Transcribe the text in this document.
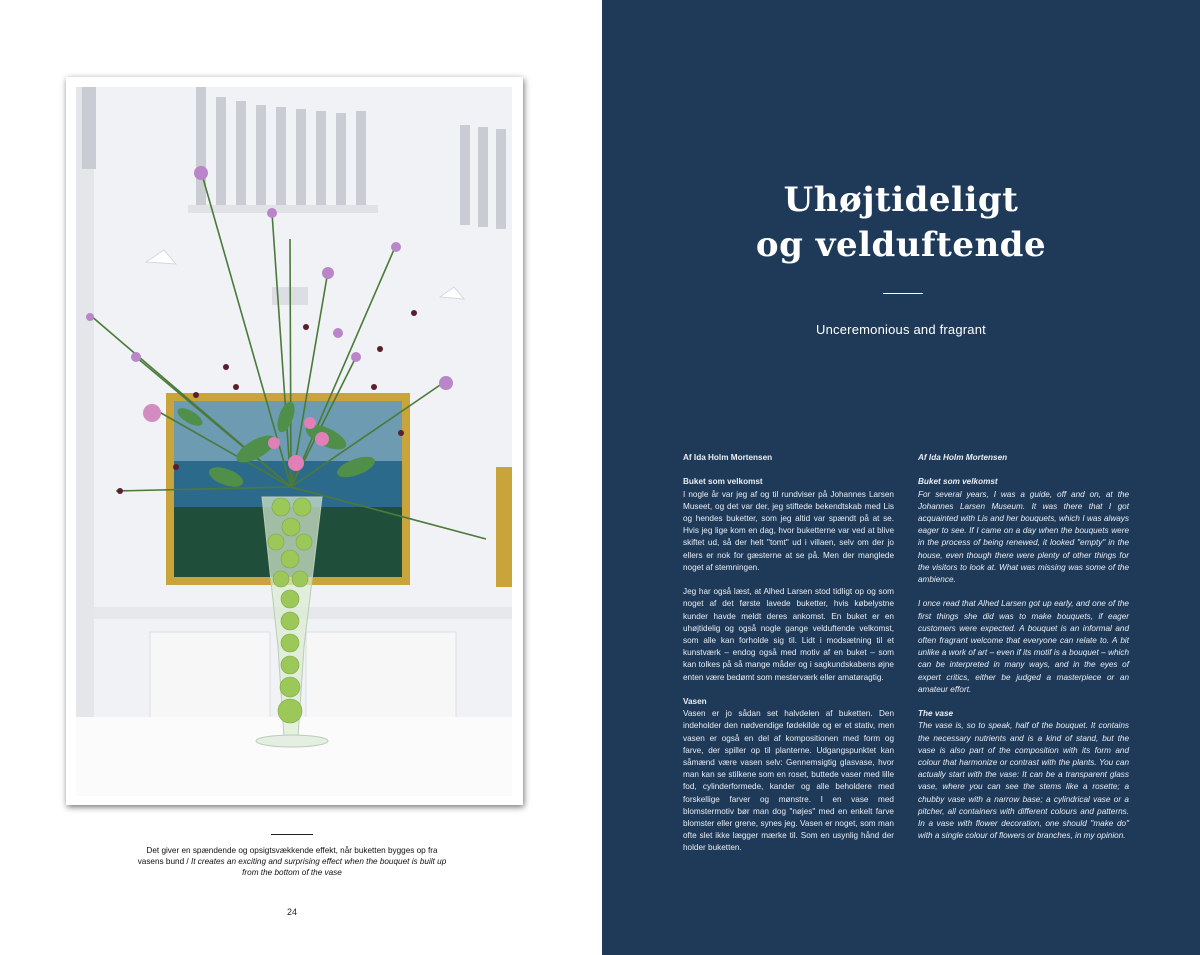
Det giver en spændende og opsigtsvækkende effekt, når buketten bygges op fra vasens bund / It creates an exciting and surprising effect when the bouquet is built up from the bottom of the vase
24
Uhøjtideligt
og velduftende
Unceremonious and fragrant

Af Ida Holm Mortensen

Buket som velkomst

I nogle år var jeg af og til rundviser på Johannes Larsen Museet, og det var der, jeg stiftede bekendtskab med Lis og hendes buketter, som jeg altid var spændt på at se. Hvis jeg lige kom en dag, hvor buketterne var ved at blive skiftet ud, så der helt "tomt" ud i villaen, selv om der jo ellers er nok for gæsterne at se på. Men der manglede noget af stemningen.

Jeg har også læst, at Alhed Larsen stod tidligt op og som noget af det første lavede buketter, hvis købelystne kunder havde meldt deres ankomst. En buket er en uhøjtidelig og også nogle gange velduftende velkomst, som alle kan forholde sig til. Lidt i modsætning til et kunstværk – endog også med motiv af en buket – som kan tolkes på så mange måder og i sagkundskabens øjne enten være bedømt som mesterværk eller amatøragtig.

Vasen

Vasen er jo sådan set halvdelen af buketten. Den indeholder den nødvendige fødekilde og er et stativ, men vasen er også en del af kompositionen med form og farve, der spiller op til planterne. Udgangspunktet kan såmænd være vasen selv: Gennemsigtig glasvase, hvor man kan se stilkene som en roset, buttede vaser med lille fod, cylinderformede, kander og alle beholdere med forskellige farver og mønstre. I en vase med blomstermotiv bør man dog "nøjes" med en enkelt farve blomster eller grene, synes jeg. Vasen er noget, som man ofte slet ikke lægger mærke til. Som en usynlig hånd der holder buketten.

Af Ida Holm Mortensen

Buket som velkomst

For several years, I was a guide, off and on, at the Johannes Larsen Museum. It was there that I got acquainted with Lis and her bouquets, which I was always eager to see. If I came on a day when the bouquets were in the process of being renewed, it looked "empty" in the house, even though there were plenty of other things for the visitors to look at. What was missing was some of the ambience.

I once read that Alhed Larsen got up early, and one of the first things she did was to make bouquets, if eager customers were expected. A bouquet is an informal and often fragrant welcome that everyone can relate to. A bit unlike a work of art – even if its motif is a bouquet – which can be interpreted in many ways, and in the eyes of expert critics, either be judged a masterpiece or an amateur effort.

The vase

The vase is, so to speak, half of the bouquet. It contains the necessary nutrients and is a kind of stand, but the vase is also part of the composition with its form and colour that harmonize or contrast with the plants. You can actually start with the vase: It can be a transparent glass vase, where you can see the stems like a rosette; a chubby vase with a narrow base; a cylindrical vase or a pitcher, all containers with different colours and patterns. In a vase with flower decoration, one should "make do" with a single colour of flowers or branches, in my opinion.
